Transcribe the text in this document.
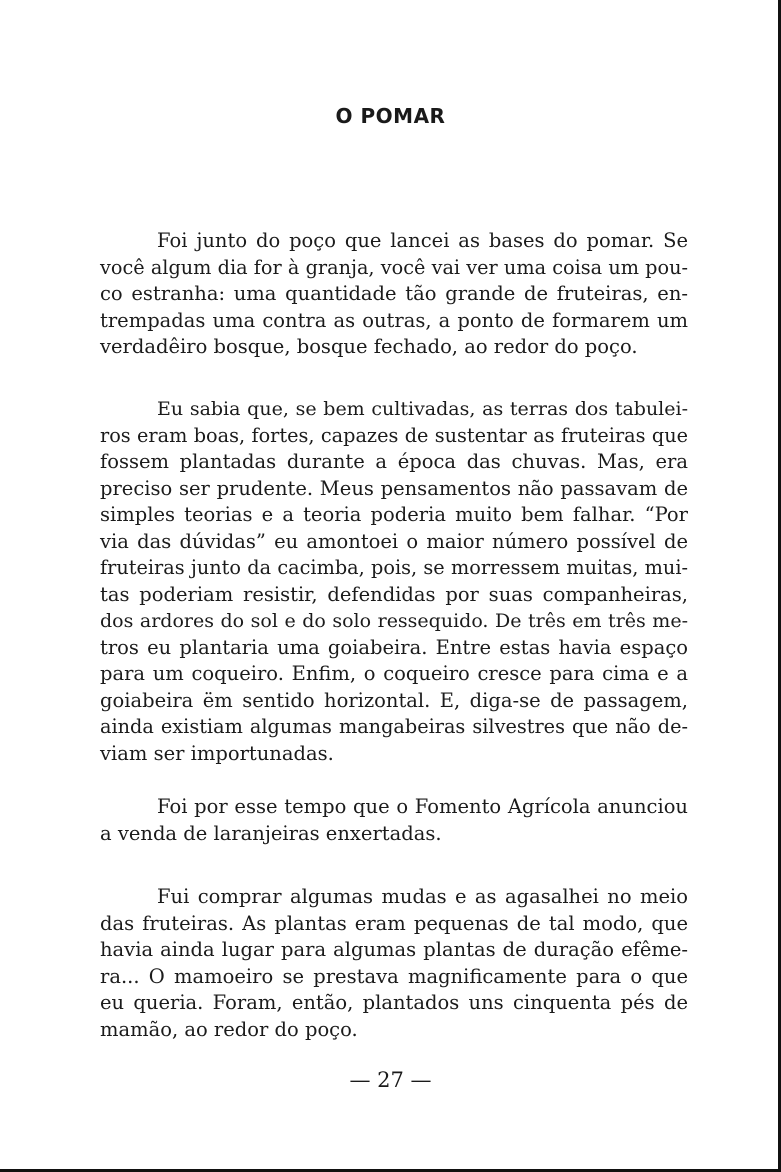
O POMAR
Foi junto do poço que lancei as bases do pomar. Se
você algum dia for à granja, você vai ver uma coisa um pou-
co estranha: uma quantidade tão grande de fruteiras, en-
trempadas uma contra as outras, a ponto de formarem um
verdadêiro bosque, bosque fechado, ao redor do poço.
Eu sabia que, se bem cultivadas, as terras dos tabulei-
ros eram boas, fortes, capazes de sustentar as fruteiras que
fossem plantadas durante a época das chuvas. Mas, era
preciso ser prudente. Meus pensamentos não passavam de
simples teorias e a teoria poderia muito bem falhar. “Por
via das dúvidas” eu amontoei o maior número possível de
fruteiras junto da cacimba, pois, se morressem muitas, mui-
tas poderiam resistir, defendidas por suas companheiras,
dos ardores do sol e do solo ressequido. De três em três me-
tros eu plantaria uma goiabeira. Entre estas havia espaço
para um coqueiro. Enfim, o coqueiro cresce para cima e a
goiabeira ëm sentido horizontal. E, diga-se de passagem,
ainda existiam algumas mangabeiras silvestres que não de-
viam ser importunadas.
Foi por esse tempo que o Fomento Agrícola anunciou
a venda de laranjeiras enxertadas.
Fui comprar algumas mudas e as agasalhei no meio
das fruteiras. As plantas eram pequenas de tal modo, que
havia ainda lugar para algumas plantas de duração efême-
ra... O mamoeiro se prestava magnificamente para o que
eu queria. Foram, então, plantados uns cinquenta pés de
mamão, ao redor do poço.
— 27 —
